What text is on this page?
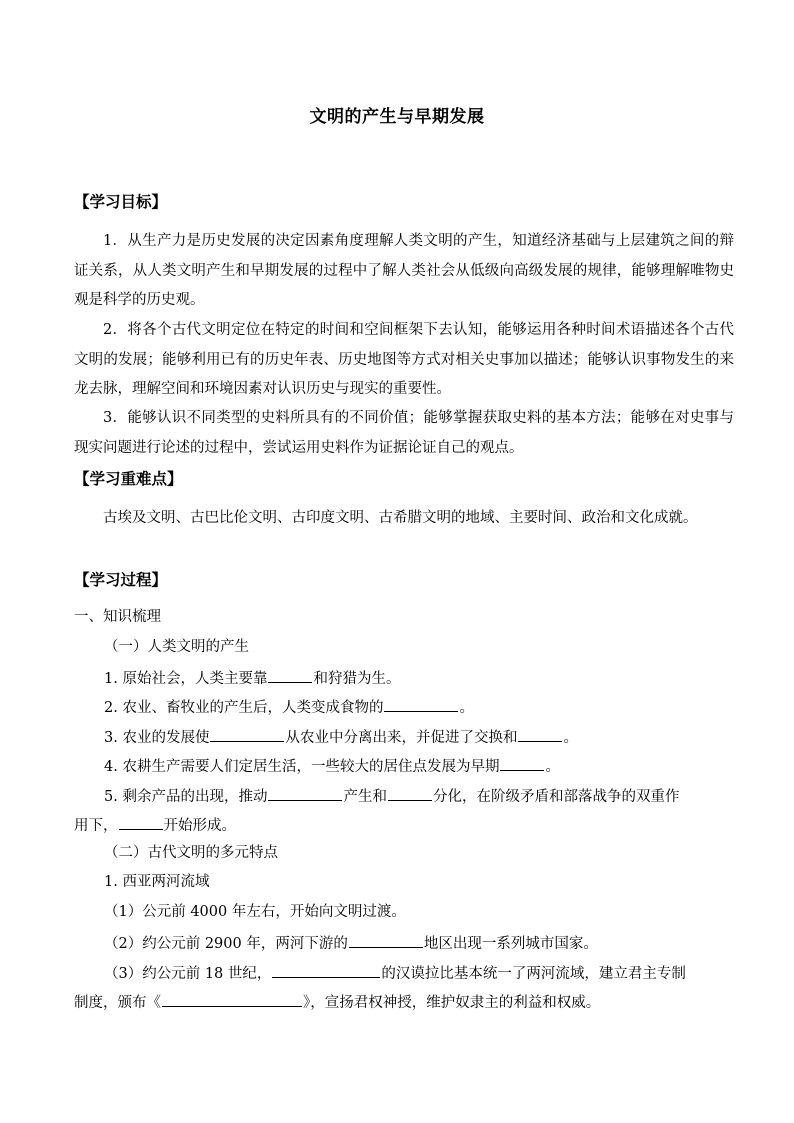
文明的产生与早期发展
【学习目标】
1．从生产力是历史发展的决定因素角度理解人类文明的产生，知道经济基础与上层建筑之间的辩证关系，从人类文明产生和早期发展的过程中了解人类社会从低级向高级发展的规律，能够理解唯物史观是科学的历史观。
2．将各个古代文明定位在特定的时间和空间框架下去认知，能够运用各种时间术语描述各个古代文明的发展；能够利用已有的历史年表、历史地图等方式对相关史事加以描述；能够认识事物发生的来龙去脉，理解空间和环境因素对认识历史与现实的重要性。
3．能够认识不同类型的史料所具有的不同价值；能够掌握获取史料的基本方法；能够在对史事与现实问题进行论述的过程中，尝试运用史料作为证据论证自己的观点。
【学习重难点】
古埃及文明、古巴比伦文明、古印度文明、古希腊文明的地域、主要时间、政治和文化成就。
【学习过程】
一、知识梳理
（一）人类文明的产生
1. 原始社会，人类主要靠	和狩猎为生。
2. 农业、畜牧业的产生后，人类变成食物的	。
3. 农业的发展使	从农业中分离出来，并促进了交换和	。
4. 农耕生产需要人们定居生活，一些较大的居住点发展为早期	。
5. 剩余产品的出现，推动	产生和	分化，在阶级矛盾和部落战争的双重作
用下，	开始形成。
（二）古代文明的多元特点
1. 西亚两河流域
（1）公元前 4000 年左右，开始向文明过渡。
（2）约公元前 2900 年，两河下游的	地区出现一系列城市国家。
（3）约公元前 18 世纪，	的汉谟拉比基本统一了两河流域，建立君主专制
制度，颁布《	》，宣扬君权神授，维护奴隶主的利益和权威。
